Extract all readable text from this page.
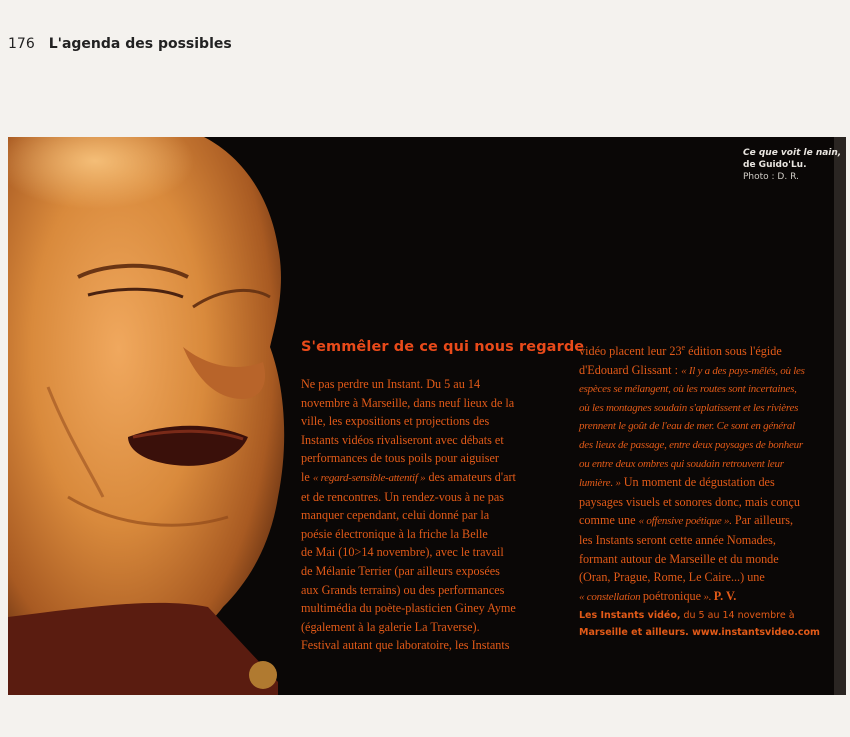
176 L'agenda des possibles
Ce que voit le nain,
de Guido'Lu.
Photo : D. R.
S'emmêler de ce qui nous regarde

Ne pas perdre un Instant. Du 5 au 14

novembre à Marseille, dans neuf lieux de la

ville, les expositions et projections des

Instants vidéos rivaliseront avec débats et

performances de tous poils pour aiguiser

le « regard-sensible-attentif » des amateurs d'art

et de rencontres. Un rendez-vous à ne pas

manquer cependant, celui donné par la

poésie électronique à la friche la Belle

de Mai (10>14 novembre), avec le travail

de Mélanie Terrier (par ailleurs exposées

aux Grands terrains) ou des performances

multimédia du poète-plasticien Giney Ayme

(également à la galerie La Traverse).

Festival autant que laboratoire, les Instants

vidéo placent leur 23e édition sous l'égide

d'Edouard Glissant : « Il y a des pays-mêlés, où les

espèces se mélangent, où les routes sont incertaines,

où les montagnes soudain s'aplatissent et les rivières

prennent le goût de l'eau de mer. Ce sont en général

des lieux de passage, entre deux paysages de bonheur

ou entre deux ombres qui soudain retrouvent leur

lumière. » Un moment de dégustation des

paysages visuels et sonores donc, mais conçu

comme une « offensive poétique ». Par ailleurs,

les Instants seront cette année Nomades,

formant autour de Marseille et du monde

(Oran, Prague, Rome, Le Caire...) une

« constellation poétronique ». P. V.

Les Instants vidéo, du 5 au 14 novembre à

Marseille et ailleurs. www.instantsvideo.com
